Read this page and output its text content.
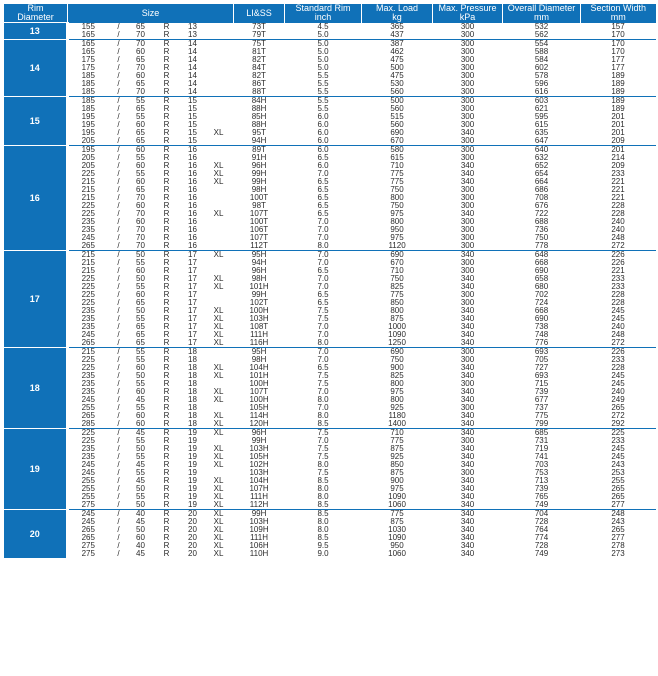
Rim
Diameter	Size						LI&SS	Standard Rim	Max. Load	Max. Pressure	Overall Diameter	Section Width
								inch	kg	kPa	mm	mm
13	155	/	65	R	13		73T	4.5	365	300	532	157
	165	/	70	R	13		79T	5.0	437	300	562	170
14	165	/	70	R	14		75T	5.0	387	300	554	170
	165	/	60	R	14		81T	5.0	462	300	588	170
	175	/	65	R	14		82T	5.0	475	300	584	177
	175	/	70	R	14		84T	5.0	500	300	602	177
	185	/	60	R	14		82T	5.5	475	300	578	189
	185	/	65	R	14		86T	5.5	530	300	596	189
	185	/	70	R	14		88T	5.5	560	300	616	189
15	185	/	55	R	15		84H	5.5	500	300	603	189
	185	/	65	R	15		88H	5.5	560	300	621	189
	195	/	55	R	15		85H	6.0	515	300	595	201
	195	/	60	R	15		88H	6.0	560	300	615	201
	195	/	65	R	15	XL	95T	6.0	690	340	635	201
	205	/	65	R	15		94H	6.0	670	300	647	209
16	195	/	60	R	16		89T	6.0	580	300	640	201
	205	/	55	R	16		91H	6.5	615	300	632	214
	205	/	60	R	16	XL	96H	6.0	710	340	652	209
	225	/	55	R	16	XL	99H	7.0	775	340	654	233
	215	/	60	R	16	XL	99H	6.5	775	340	664	221
	215	/	65	R	16		98H	6.5	750	300	686	221
	215	/	70	R	16		100T	6.5	800	300	708	221
	225	/	60	R	16		98T	6.5	750	300	676	228
	225	/	70	R	16	XL	107T	6.5	975	340	722	228
	235	/	60	R	16		100T	7.0	800	300	688	240
	235	/	70	R	16		106T	7.0	950	300	736	240
	245	/	70	R	16		107T	7.0	975	300	750	248
	265	/	70	R	16		112T	8.0	1120	300	778	272
17	215	/	50	R	17	XL	95H	7.0	690	340	648	226
	215	/	55	R	17		94H	7.0	670	300	668	226
	215	/	60	R	17		96H	6.5	710	300	690	221
	225	/	50	R	17	XL	98H	7.0	750	340	658	233
	225	/	55	R	17	XL	101H	7.0	825	340	680	233
	225	/	60	R	17		99H	6.5	775	300	702	228
	225	/	65	R	17		102T	6.5	850	300	724	228
	235	/	50	R	17	XL	100H	7.5	800	340	668	245
	235	/	55	R	17	XL	103H	7.5	875	340	690	245
	235	/	65	R	17	XL	108T	7.0	1000	340	738	240
	245	/	65	R	17	XL	111H	7.0	1090	340	748	248
	265	/	65	R	17	XL	116H	8.0	1250	340	776	272
18	215	/	55	R	18		95H	7.0	690	300	693	226
	225	/	55	R	18		98H	7.0	750	300	705	233
	225	/	60	R	18	XL	104H	6.5	900	340	727	228
	235	/	50	R	18	XL	101H	7.5	825	340	693	245
	235	/	55	R	18		100H	7.5	800	300	715	245
	235	/	60	R	18	XL	107T	7.0	975	340	739	240
	245	/	45	R	18	XL	100H	8.0	800	340	677	249
	255	/	55	R	18		105H	7.0	925	300	737	265
	265	/	60	R	18	XL	114H	8.0	1180	340	775	272
	285	/	60	R	18	XL	120H	8.5	1400	340	799	292
19	225	/	45	R	19	XL	96H	7.5	710	340	685	225
	225	/	55	R	19		99H	7.0	775	300	731	233
	235	/	50	R	19	XL	103H	7.5	875	340	719	245
	235	/	55	R	19	XL	105H	7.5	925	340	741	245
	245	/	45	R	19	XL	102H	8.0	850	340	703	243
	245	/	55	R	19		103H	7.5	875	300	753	253
	255	/	45	R	19	XL	104H	8.5	900	340	713	255
	255	/	50	R	19	XL	107H	8.0	975	340	739	265
	255	/	55	R	19	XL	111H	8.0	1090	340	765	265
	275	/	50	R	19	XL	112H	8.5	1060	340	749	277
20	245	/	40	R	20	XL	99H	8.5	775	340	704	248
	245	/	45	R	20	XL	103H	8.0	875	340	728	243
	265	/	50	R	20	XL	109H	8.0	1030	340	764	265
	265	/	60	R	20	XL	111H	8.5	1090	340	774	277
	275	/	40	R	20	XL	106H	9.5	950	340	728	278
	275	/	45	R	20	XL	110H	9.0	1060	340	749	273
